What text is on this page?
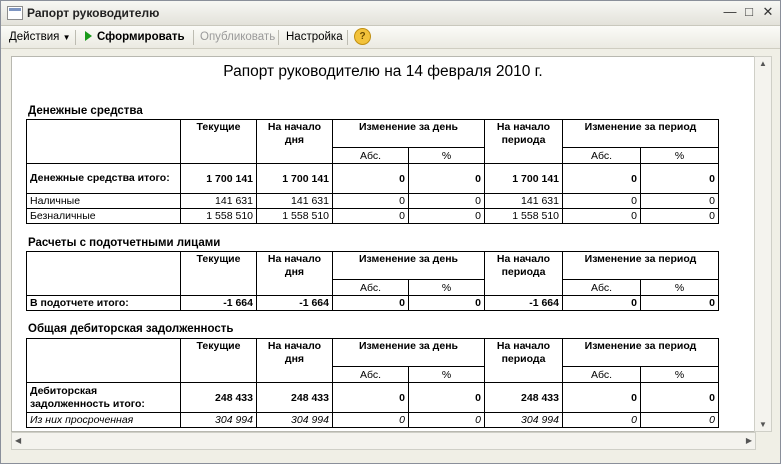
Рапорт руководителю	— □ ✕
Действия ▼	Сформировать Опубликовать Настройка	?
Рапорт руководителю на 14 февраля 2010 г.
Денежные средства
	Текущие	На начало дня	Изменение за день		На начало периода	Изменение за период	
			Абс.	%		Абс.	%
Денежные средства итого:	1 700 141	1 700 141	0	0	1 700 141	0	0
Наличные	141 631	141 631	0	0	141 631	0	0
Безналичные	1 558 510	1 558 510	0	0	1 558 510	0	0
Расчеты с подотчетными лицами
	Текущие	На начало дня	Изменение за день		На начало периода	Изменение за период	
			Абс.	%		Абс.	%
В подотчете итого:	-1 664	-1 664	0	0	-1 664	0	0
Общая дебиторская задолженность
	Текущие	На начало дня	Изменение за день		На начало периода	Изменение за период	
			Абс.	%		Абс.	%
Дебиторская задолженность итого:	248 433	248 433	0	0	248 433	0	0
Из них просроченная	304 994	304 994	0	0	304 994	0	0
▲
▼
◀	▶
